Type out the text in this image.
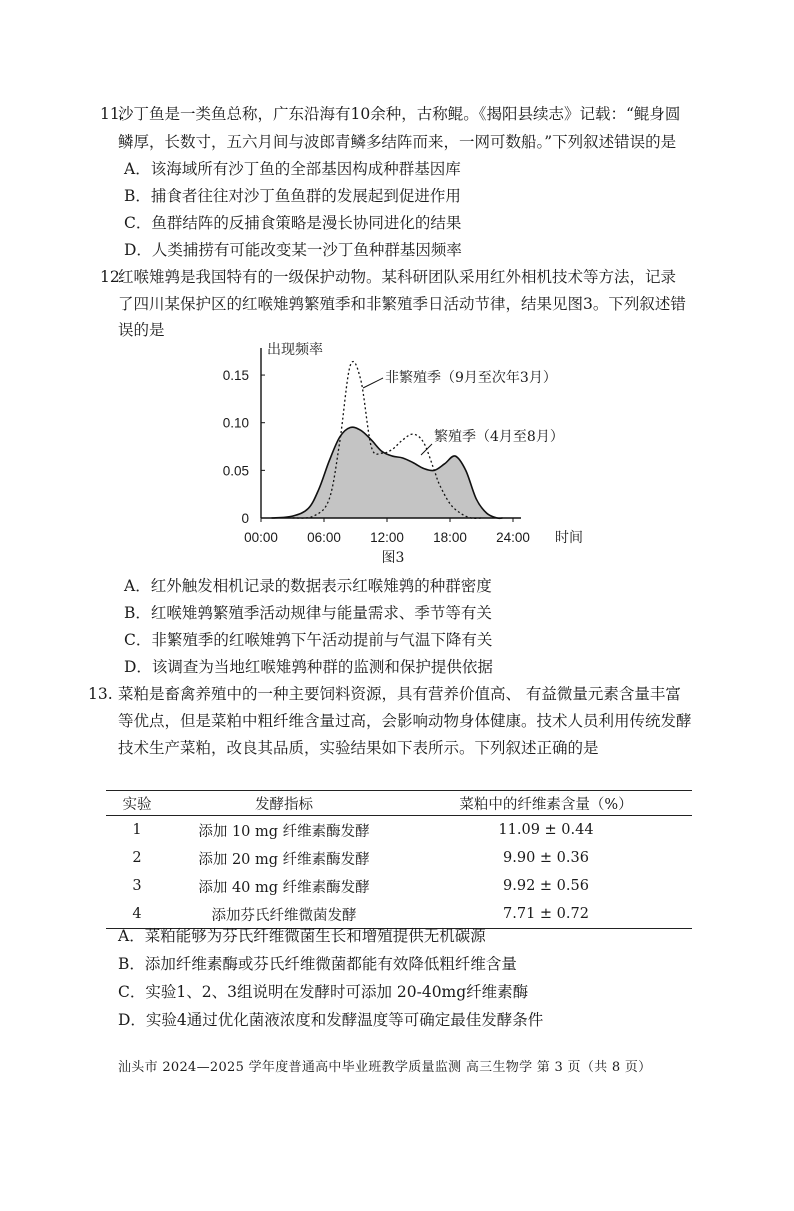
11.
沙丁鱼是一类鱼总称，广东沿海有10余种，古称鲲。《揭阳县续志》记载：“鲲身圆
鳞厚，长数寸，五六月间与波郎青鳞多结阵而来，一网可数船。”下列叙述错误的是
A．该海域所有沙丁鱼的全部基因构成种群基因库
B．捕食者往往对沙丁鱼鱼群的发展起到促进作用
C．鱼群结阵的反捕食策略是漫长协同进化的结果
D．人类捕捞有可能改变某一沙丁鱼种群基因频率
12.
红喉雉鹑是我国特有的一级保护动物。某科研团队采用红外相机技术等方法，记录
了四川某保护区的红喉雉鹑繁殖季和非繁殖季日活动节律，结果见图3。下列叙述错
误的是
00:00 06:00 12:00 18:00 24:00
0
0.05
0.10
0.15
出现频率
时间
图3
非繁殖季（9月至次年3月）
繁殖季（4月至8月）
A．红外触发相机记录的数据表示红喉雉鹑的种群密度
B．红喉雉鹑繁殖季活动规律与能量需求、季节等有关
C．非繁殖季的红喉雉鹑下午活动提前与气温下降有关
D．该调查为当地红喉雉鹑种群的监测和保护提供依据
13. 菜粕是畜禽养殖中的一种主要饲料资源，具有营养价值高、 有益微量元素含量丰富
等优点，但是菜粕中粗纤维含量过高，会影响动物身体健康。技术人员利用传统发酵
技术生产菜粕，改良其品质，实验结果如下表所示。下列叙述正确的是
实验	发酵指标	菜粕中的纤维素含量（%）
1	添加 10 mg 纤维素酶发酵	11.09 ± 0.44
2	添加 20 mg 纤维素酶发酵	9.90 ± 0.36
3	添加 40 mg 纤维素酶发酵	9.92 ± 0.56
4	添加芬氏纤维微菌发酵	7.71 ± 0.72
A．菜粕能够为芬氏纤维微菌生长和增殖提供无机碳源
B．添加纤维素酶或芬氏纤维微菌都能有效降低粗纤维含量
C．实验1、2、3组说明在发酵时可添加 20-40mg纤维素酶
D．实验4通过优化菌液浓度和发酵温度等可确定最佳发酵条件
汕头市 2024—2025 学年度普通高中毕业班教学质量监测 高三生物学 第 3 页（共 8 页）
